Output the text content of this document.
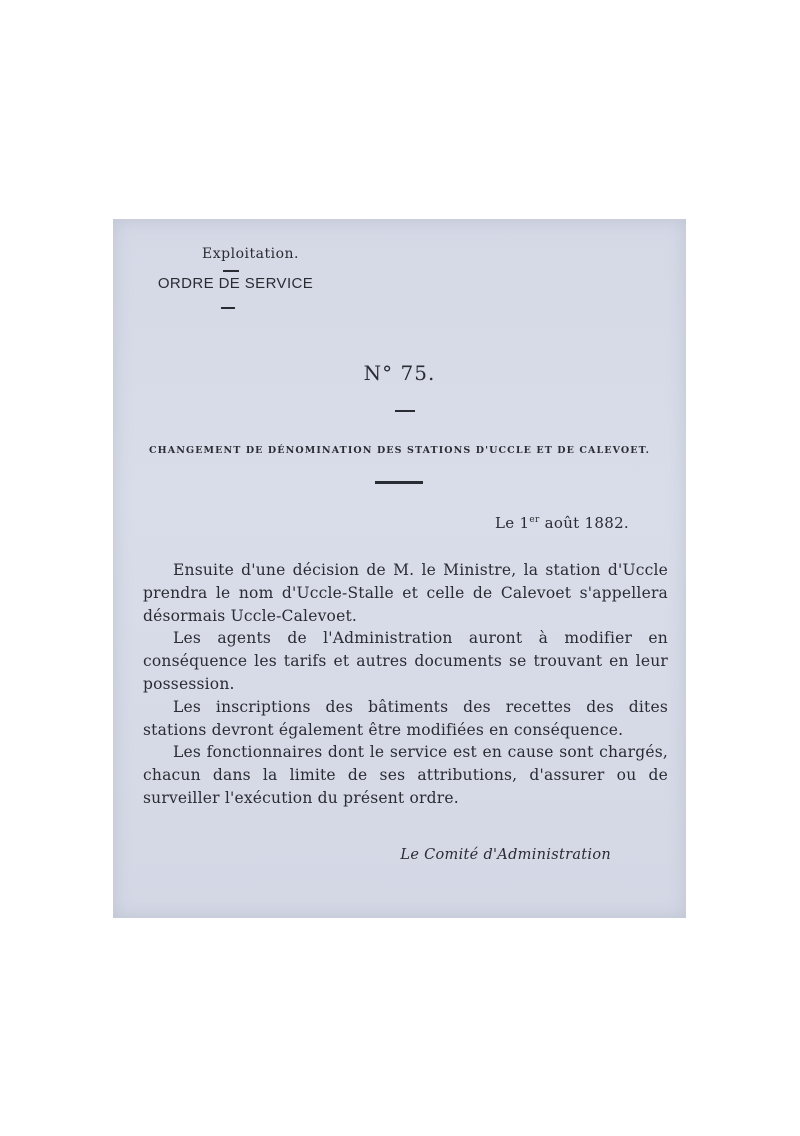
Exploitation.
ORDRE DE SERVICE
N° 75.
CHANGEMENT DE DÉNOMINATION DES STATIONS D'UCCLE ET DE CALEVOET.
Le 1er août 1882.

Ensuite d'une décision de M. le Ministre, la station d'Uccle prendra le nom d'Uccle-Stalle et celle de Calevoet s'appellera désormais Uccle-Calevoet.

Les agents de l'Administration auront à modifier en conséquence les tarifs et autres documents se trouvant en leur possession.

Les inscriptions des bâtiments des recettes des dites stations devront également être modifiées en conséquence.

Les fonctionnaires dont le service est en cause sont chargés, chacun dans la limite de ses attributions, d'assurer ou de surveiller l'exécution du présent ordre.

Le Comité d'Administration
